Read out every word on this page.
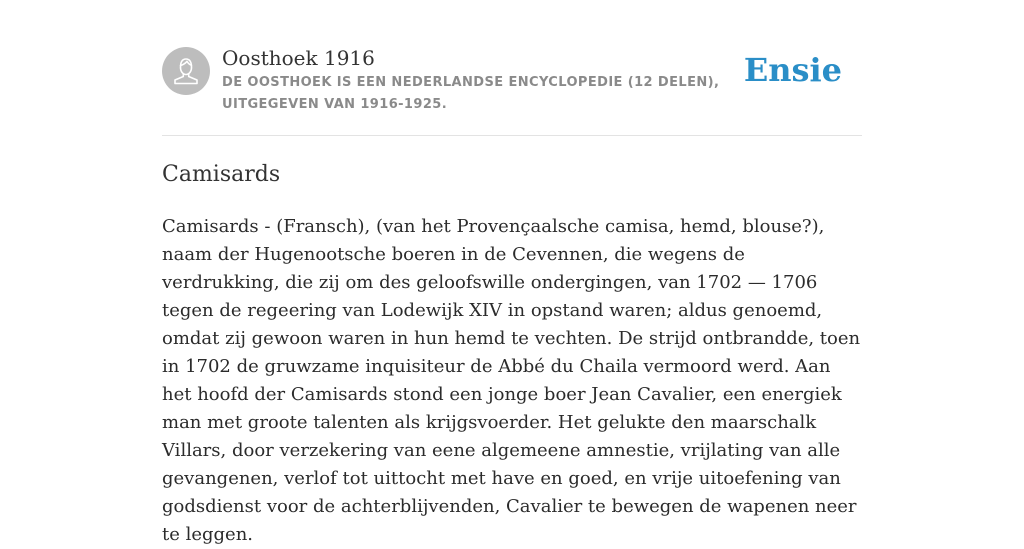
Oosthoek 1916
DE OOSTHOEK IS EEN NEDERLANDSE ENCYCLOPEDIE (12 DELEN), UITGEGEVEN VAN 1916-1925.
Ensie
Camisards

Camisards - (Fransch), (van het Provençaalsche camisa, hemd, blouse?), naam der Hugenootsche boeren in de Cevennen, die wegens de verdrukking, die zij om des geloofswille ondergingen, van 1702 — 1706 tegen de regeering van Lodewijk XIV in opstand waren; aldus genoemd, omdat zij gewoon waren in hun hemd te vechten. De strijd ontbrandde, toen in 1702 de gruwzame inquisiteur de Abbé du Chaila vermoord werd. Aan het hoofd der Camisards stond een jonge boer Jean Cavalier, een energiek man met groote talenten als krijgsvoerder. Het gelukte den maarschalk Villars, door verzekering van eene algemeene amnestie, vrijlating van alle gevangenen, verlof tot uittocht met have en goed, en vrije uitoefening van godsdienst voor de achterblijvenden, Cavalier te bewegen de wapenen neer te leggen.
